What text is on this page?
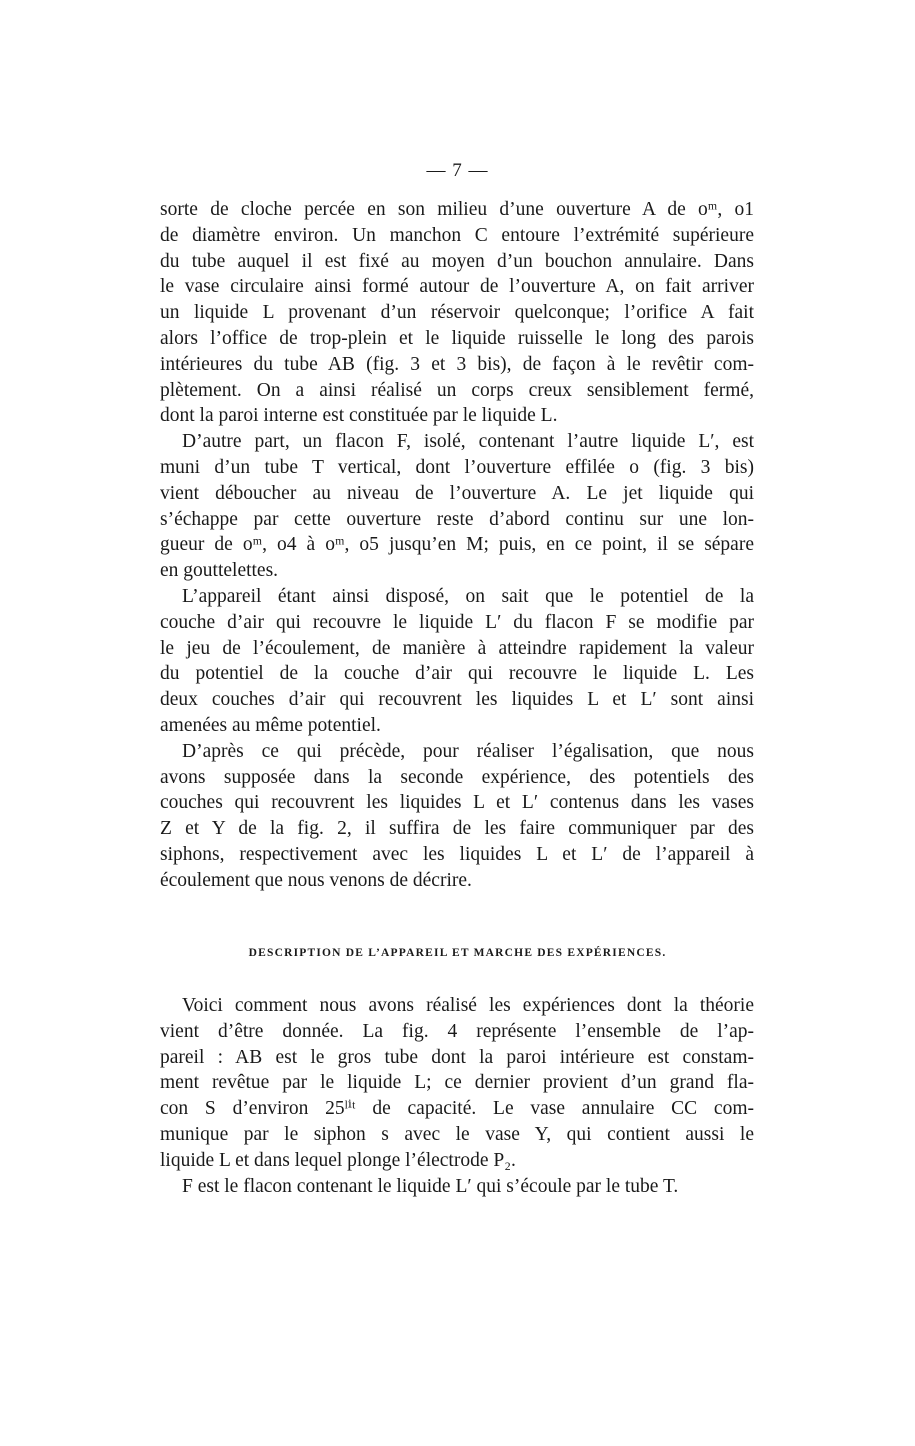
— 7 —

sorte de cloche percée en son milieu d’une ouverture A de oᵐ, o1
de diamètre environ. Un manchon C entoure l’extrémité supérieure
du tube auquel il est fixé au moyen d’un bouchon annulaire. Dans
le vase circulaire ainsi formé autour de l’ouverture A, on fait arriver
un liquide L provenant d’un réservoir quelconque; l’orifice A fait
alors l’office de trop-plein et le liquide ruisselle le long des parois
intérieures du tube AB (fig. 3 et 3 bis), de façon à le revêtir com-
plètement. On a ainsi réalisé un corps creux sensiblement fermé,
dont la paroi interne est constituée par le liquide L.

D’autre part, un flacon F, isolé, contenant l’autre liquide L′, est
muni d’un tube T vertical, dont l’ouverture effilée o (fig. 3 bis)
vient déboucher au niveau de l’ouverture A. Le jet liquide qui
s’échappe par cette ouverture reste d’abord continu sur une lon-
gueur de oᵐ, o4 à oᵐ, o5 jusqu’en M; puis, en ce point, il se sépare
en gouttelettes.

L’appareil étant ainsi disposé, on sait que le potentiel de la
couche d’air qui recouvre le liquide L′ du flacon F se modifie par
le jeu de l’écoulement, de manière à atteindre rapidement la valeur
du potentiel de la couche d’air qui recouvre le liquide L. Les
deux couches d’air qui recouvrent les liquides L et L′ sont ainsi
amenées au même potentiel.

D’après ce qui précède, pour réaliser l’égalisation, que nous
avons supposée dans la seconde expérience, des potentiels des
couches qui recouvrent les liquides L et L′ contenus dans les vases
Z et Y de la fig. 2, il suffira de les faire communiquer par des
siphons, respectivement avec les liquides L et L′ de l’appareil à
écoulement que nous venons de décrire.

DESCRIPTION DE L’APPAREIL ET MARCHE DES EXPÉRIENCES.

Voici comment nous avons réalisé les expériences dont la théorie
vient d’être donnée. La fig. 4 représente l’ensemble de l’ap-
pareil : AB est le gros tube dont la paroi intérieure est constam-
ment revêtue par le liquide L; ce dernier provient d’un grand fla-
con S d’environ 25ˡⁱᵗ de capacité. Le vase annulaire CC com-
munique par le siphon s avec le vase Y, qui contient aussi le
liquide L et dans lequel plonge l’électrode P₂.

F est le flacon contenant le liquide L′ qui s’écoule par le tube T.
